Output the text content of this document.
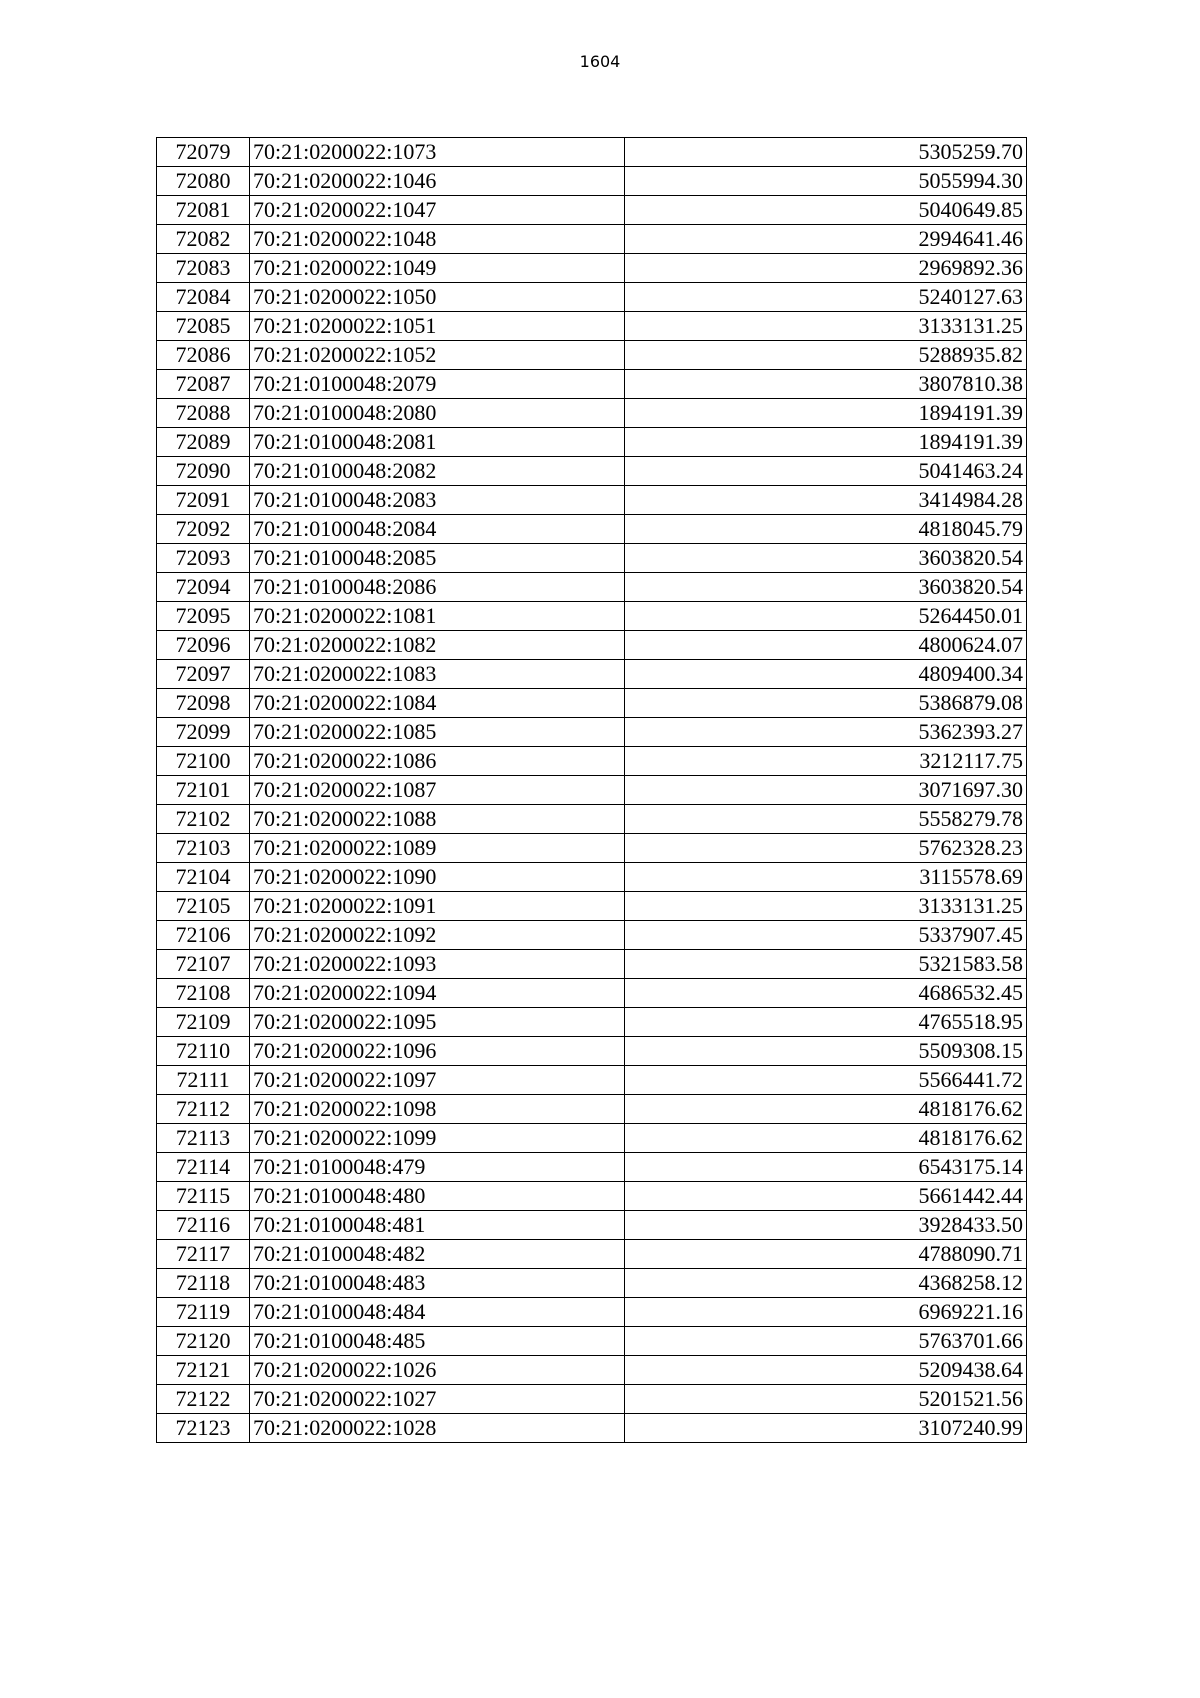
1604
72079	70:21:0200022:1073	5305259.70
72080	70:21:0200022:1046	5055994.30
72081	70:21:0200022:1047	5040649.85
72082	70:21:0200022:1048	2994641.46
72083	70:21:0200022:1049	2969892.36
72084	70:21:0200022:1050	5240127.63
72085	70:21:0200022:1051	3133131.25
72086	70:21:0200022:1052	5288935.82
72087	70:21:0100048:2079	3807810.38
72088	70:21:0100048:2080	1894191.39
72089	70:21:0100048:2081	1894191.39
72090	70:21:0100048:2082	5041463.24
72091	70:21:0100048:2083	3414984.28
72092	70:21:0100048:2084	4818045.79
72093	70:21:0100048:2085	3603820.54
72094	70:21:0100048:2086	3603820.54
72095	70:21:0200022:1081	5264450.01
72096	70:21:0200022:1082	4800624.07
72097	70:21:0200022:1083	4809400.34
72098	70:21:0200022:1084	5386879.08
72099	70:21:0200022:1085	5362393.27
72100	70:21:0200022:1086	3212117.75
72101	70:21:0200022:1087	3071697.30
72102	70:21:0200022:1088	5558279.78
72103	70:21:0200022:1089	5762328.23
72104	70:21:0200022:1090	3115578.69
72105	70:21:0200022:1091	3133131.25
72106	70:21:0200022:1092	5337907.45
72107	70:21:0200022:1093	5321583.58
72108	70:21:0200022:1094	4686532.45
72109	70:21:0200022:1095	4765518.95
72110	70:21:0200022:1096	5509308.15
72111	70:21:0200022:1097	5566441.72
72112	70:21:0200022:1098	4818176.62
72113	70:21:0200022:1099	4818176.62
72114	70:21:0100048:479	6543175.14
72115	70:21:0100048:480	5661442.44
72116	70:21:0100048:481	3928433.50
72117	70:21:0100048:482	4788090.71
72118	70:21:0100048:483	4368258.12
72119	70:21:0100048:484	6969221.16
72120	70:21:0100048:485	5763701.66
72121	70:21:0200022:1026	5209438.64
72122	70:21:0200022:1027	5201521.56
72123	70:21:0200022:1028	3107240.99
